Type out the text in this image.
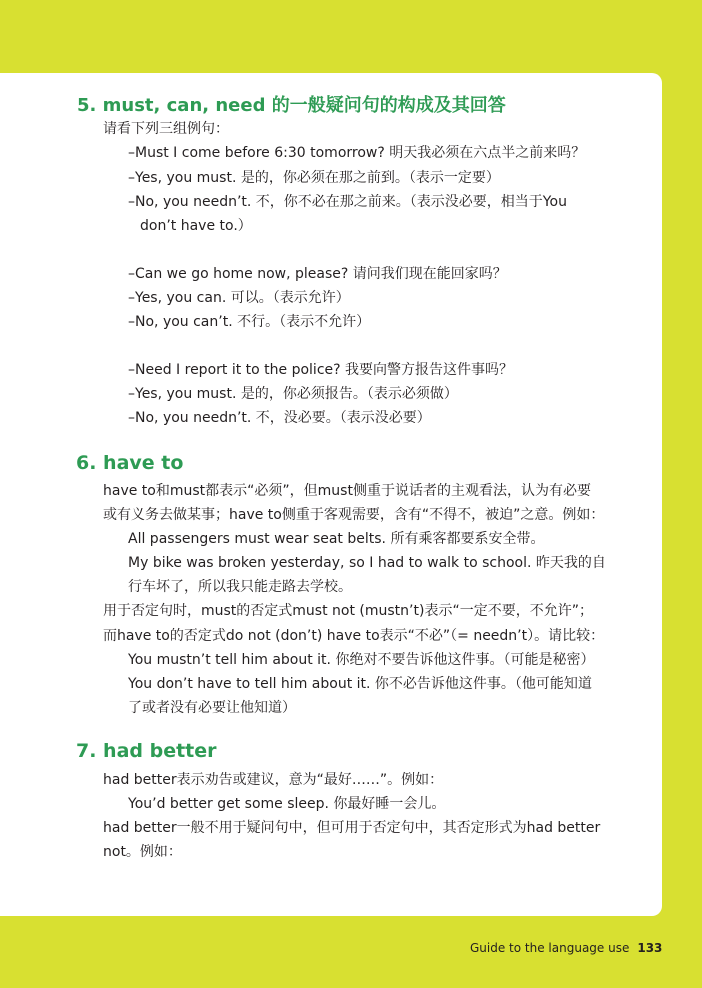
5. must, can, need 的一般疑问句的构成及其回答
请看下列三组例句：
–Must I come before 6:30 tomorrow? 明天我必须在六点半之前来吗？
–Yes, you must. 是的，你必须在那之前到。（表示一定要）
–No, you needn’t. 不，你不必在那之前来。（表示没必要，相当于You
don’t have to.）
–Can we go home now, please? 请问我们现在能回家吗？
–Yes, you can. 可以。（表示允许）
–No, you can’t. 不行。（表示不允许）
–Need I report it to the police? 我要向警方报告这件事吗？
–Yes, you must. 是的，你必须报告。（表示必须做）
–No, you needn’t. 不，没必要。（表示没必要）
6. have to
have to和must都表示“必须”，但must侧重于说话者的主观看法，认为有必要
或有义务去做某事；have to侧重于客观需要，含有“不得不，被迫”之意。例如：
All passengers must wear seat belts. 所有乘客都要系安全带。
My bike was broken yesterday, so I had to walk to school. 昨天我的自
行车坏了，所以我只能走路去学校。
用于否定句时，must的否定式must not (mustn’t)表示“一定不要，不允许”；
而have to的否定式do not (don’t) have to表示“不必”（= needn’t）。请比较：
You mustn’t tell him about it. 你绝对不要告诉他这件事。（可能是秘密）
You don’t have to tell him about it. 你不必告诉他这件事。（他可能知道
了或者没有必要让他知道）
7. had better
had better表示劝告或建议，意为“最好……”。例如：
You’d better get some sleep. 你最好睡一会儿。
had better一般不用于疑问句中，但可用于否定句中，其否定形式为had better
not。例如：
Guide to the language use 133
